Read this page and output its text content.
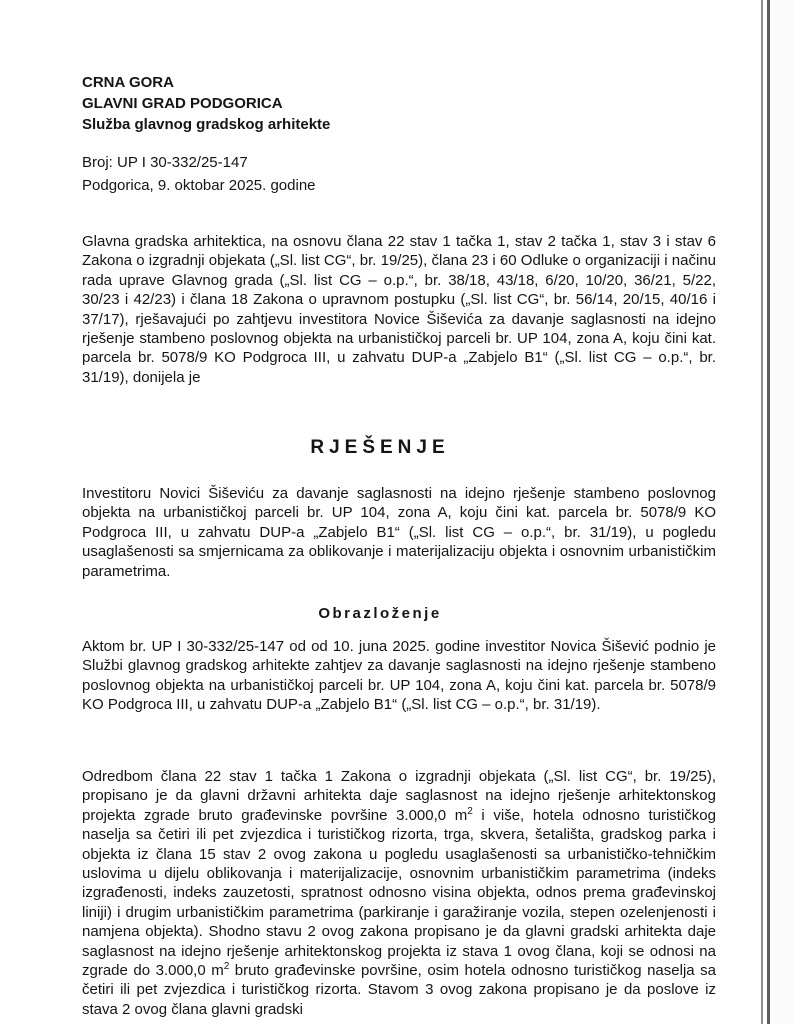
CRNA GORA
GLAVNI GRAD PODGORICA
Služba glavnog gradskog arhitekte
Broj: UP I 30-332/25-147
Podgorica, 9. oktobar 2025. godine

Glavna gradska arhitektica, na osnovu člana 22 stav 1 tačka 1, stav 2 tačka 1, stav 3 i stav 6 Zakona o izgradnji objekata („Sl. list CG“, br. 19/25), člana 23 i 60 Odluke o organizaciji i načinu rada uprave Glavnog grada („Sl. list CG – o.p.“, br. 38/18, 43/18, 6/20, 10/20, 36/21, 5/22, 30/23 i 42/23) i člana 18 Zakona o upravnom postupku („Sl. list CG“, br. 56/14, 20/15, 40/16 i 37/17), rješavajući po zahtjevu investitora Novice Šiševića za davanje saglasnosti na idejno rješenje stambeno poslovnog objekta na urbanističkoj parceli br. UP 104, zona A, koju čini kat. parcela br. 5078/9 KO Podgroca III, u zahvatu DUP-a „Zabjelo B1“ („Sl. list CG – o.p.“, br. 31/19), donijela je

RJEŠENJE

Investitoru Novici Šiševiću za davanje saglasnosti na idejno rješenje stambeno poslovnog objekta na urbanističkoj parceli br. UP 104, zona A, koju čini kat. parcela br. 5078/9 KO Podgroca III, u zahvatu DUP-a „Zabjelo B1“ („Sl. list CG – o.p.“, br. 31/19), u pogledu usaglašenosti sa smjernicama za oblikovanje i materijalizaciju objekta i osnovnim urbanističkim parametrima.

Obrazloženje

Aktom br. UP I 30-332/25-147 od od 10. juna 2025. godine investitor Novica Šišević podnio je Službi glavnog gradskog arhitekte zahtjev za davanje saglasnosti na idejno rješenje stambeno poslovnog objekta na urbanističkoj parceli br. UP 104, zona A, koju čini kat. parcela br. 5078/9 KO Podgroca III, u zahvatu DUP-a „Zabjelo B1“ („Sl. list CG – o.p.“, br. 31/19).

Odredbom člana 22 stav 1 tačka 1 Zakona o izgradnji objekata („Sl. list CG“, br. 19/25), propisano je da glavni državni arhitekta daje saglasnost na idejno rješenje arhitektonskog projekta zgrade bruto građevinske površine 3.000,0 $m^2$ i više, hotela odnosno turističkog naselja sa četiri ili pet zvjezdica i turističkog rizorta, trga, skvera, šetališta, gradskog parka i objekta iz člana 15 stav 2 ovog zakona u pogledu usaglašenosti sa urbanističko-tehničkim uslovima u dijelu oblikovanja i materijalizacije, osnovnim urbanističkim parametrima (indeks izgrađenosti, indeks zauzetosti, spratnost odnosno visina objekta, odnos prema građevinskoj liniji) i drugim urbanističkim parametrima (parkiranje i garažiranje vozila, stepen ozelenjenosti i namjena objekta). Shodno stavu 2 ovog zakona propisano je da glavni gradski arhitekta daje saglasnost na idejno rješenje arhitektonskog projekta iz stava 1 ovog člana, koji se odnosi na zgrade do 3.000,0 $m^2$ bruto građevinske površine, osim hotela odnosno turističkog naselja sa četiri ili pet zvjezdica i turističkog rizorta. Stavom 3 ovog zakona propisano je da poslove iz stava 2 ovog člana glavni gradski
